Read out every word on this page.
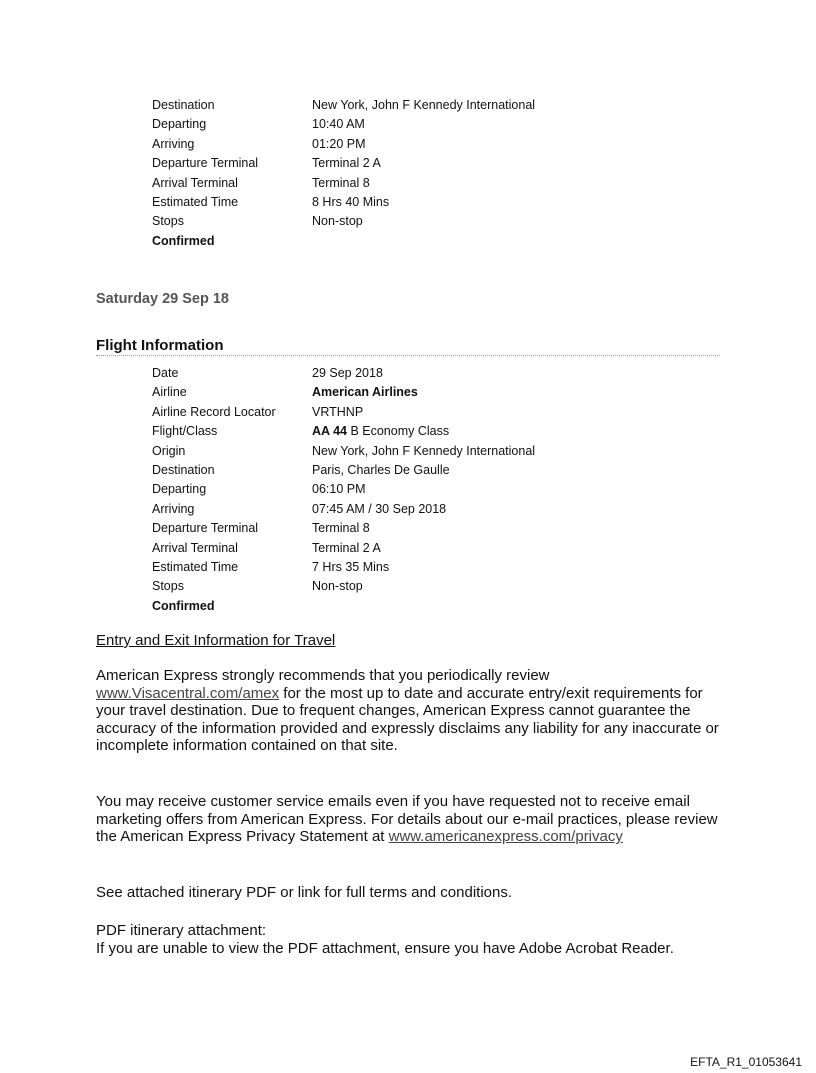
Destination	New York, John F Kennedy International
Departing	10:40 AM
Arriving	01:20 PM
Departure Terminal	Terminal 2 A
Arrival Terminal	Terminal 8
Estimated Time	8 Hrs 40 Mins
Stops	Non-stop
Confirmed
Saturday 29 Sep 18
Flight Information
Date	29 Sep 2018
Airline	American Airlines
Airline Record Locator	VRTHNP
Flight/Class	AA 44 B Economy Class
Origin	New York, John F Kennedy International
Destination	Paris, Charles De Gaulle
Departing	06:10 PM
Arriving	07:45 AM / 30 Sep 2018
Departure Terminal	Terminal 8
Arrival Terminal	Terminal 2 A
Estimated Time	7 Hrs 35 Mins
Stops	Non-stop
Confirmed
Entry and Exit Information for Travel
American Express strongly recommends that you periodically review www.Visacentral.com/amex for the most up to date and accurate entry/exit requirements for your travel destination. Due to frequent changes, American Express cannot guarantee the accuracy of the information provided and expressly disclaims any liability for any inaccurate or incomplete information contained on that site.
You may receive customer service emails even if you have requested not to receive email marketing offers from American Express. For details about our e-mail practices, please review the American Express Privacy Statement at www.americanexpress.com/privacy
See attached itinerary PDF or link for full terms and conditions.
PDF itinerary attachment:
If you are unable to view the PDF attachment, ensure you have Adobe Acrobat Reader.
EFTA_R1_01053641
